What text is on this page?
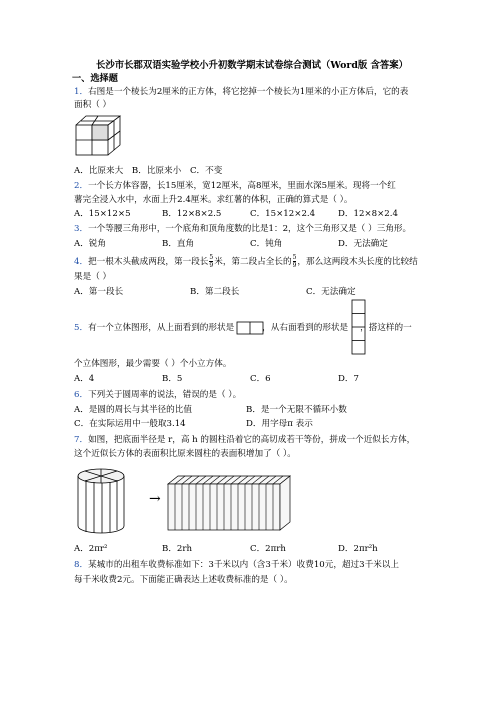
长沙市长郡双语实验学校小升初数学期末试卷综合测试（Word版 含答案）
一、选择题
1．右图是一个棱长为2厘米的正方体，将它挖掉一个棱长为1厘米的小正方体后，它的表
面积（ ）
A．比原来大 B．比原来小 C．不变
2．一个长方体容器，长15厘米，宽12厘米，高8厘米，里面水深5厘米。现将一个红
薯完全浸入水中，水面上升2.4厘米。求红薯的体积，正确的算式是（ ）。
A．15×12×5	B．12×8×2.5	C．15×12×2.4	D．12×8×2.4
3．一个等腰三角形中，一个底角和顶角度数的比是1：2，这个三角形又是（ ）三角形。
A．锐角	B．直角	C．钝角	D．无法确定
4．把一根木头截成两段，第一段长 $\frac{5}{9}$ 米，第二段占全长的 $\frac{5}{9}$ ，那么这两段木头长度的比较结
果是（ ）
A．第一段长	B．第二段长	C．无法确定
5．有一个立体图形，从上面看到的形状是	，从右面看到的形状是 ，搭这样的一
个立体图形，最少需要（ ）个小立方体。
A．4	B．5	C．6	D．7
6．下列关于圆周率的说法，错误的是（ ）。
A．是圆的周长与其半径的比值	B．是一个无限不循环小数
C．在实际运用中一般取3.14	D．用字母π 表示
7．如图，把底面半径是 r，高 h 的圆柱沿着它的高切成若干等份，拼成一个近似长方体，
这个近似长方体的表面积比原来圆柱的表面积增加了（ ）。
→
A．2πr²	B．2rh	C．2πrh	D．2πr²h
8．某城市的出租车收费标准如下：3千米以内（含3千米）收费10元，超过3千米以上
每千米收费2元。下面能正确表达上述收费标准的是（ ）。
